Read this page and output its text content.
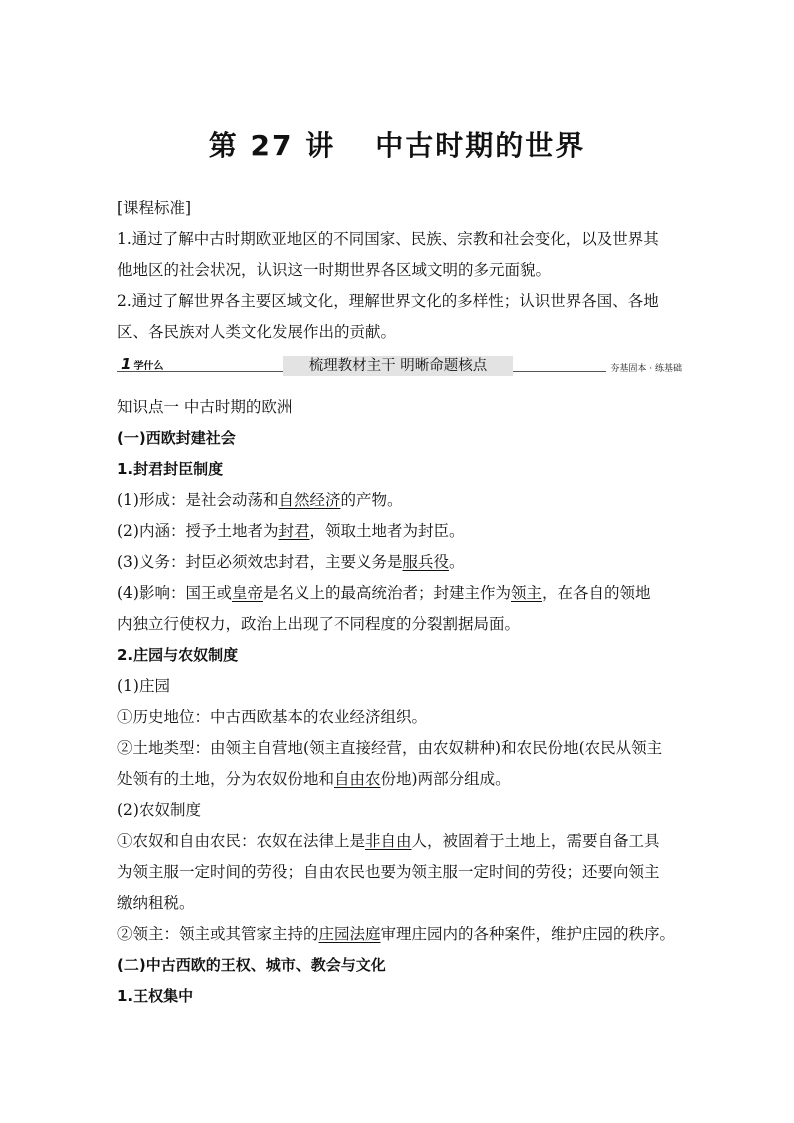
第 27 讲 中古时期的世界
[课程标准]
1.通过了解中古时期欧亚地区的不同国家、民族、宗教和社会变化，以及世界其
他地区的社会状况，认识这一时期世界各区域文明的多元面貌。
2.通过了解世界各主要区域文化，理解世界文化的多样性；认识世界各国、各地
区、各民族对人类文化发展作出的贡献。
1 学什么	梳理教材主干 明晰命题核点	夯基固本 · 练基础
知识点一 中古时期的欧洲
(一)西欧封建社会
1.封君封臣制度
(1)形成：是社会动荡和自然经济的产物。
(2)内涵：授予土地者为封君，领取土地者为封臣。
(3)义务：封臣必须效忠封君，主要义务是服兵役。
(4)影响：国王或皇帝是名义上的最高统治者；封建主作为领主，在各自的领地
内独立行使权力，政治上出现了不同程度的分裂割据局面。
2.庄园与农奴制度
(1)庄园
①历史地位：中古西欧基本的农业经济组织。
②土地类型：由领主自营地(领主直接经营，由农奴耕种)和农民份地(农民从领主
处领有的土地，分为农奴份地和自由农份地)两部分组成。
(2)农奴制度
①农奴和自由农民：农奴在法律上是非自由人，被固着于土地上，需要自备工具
为领主服一定时间的劳役；自由农民也要为领主服一定时间的劳役；还要向领主
缴纳租税。
②领主：领主或其管家主持的庄园法庭审理庄园内的各种案件，维护庄园的秩序。
(二)中古西欧的王权、城市、教会与文化
1.王权集中
